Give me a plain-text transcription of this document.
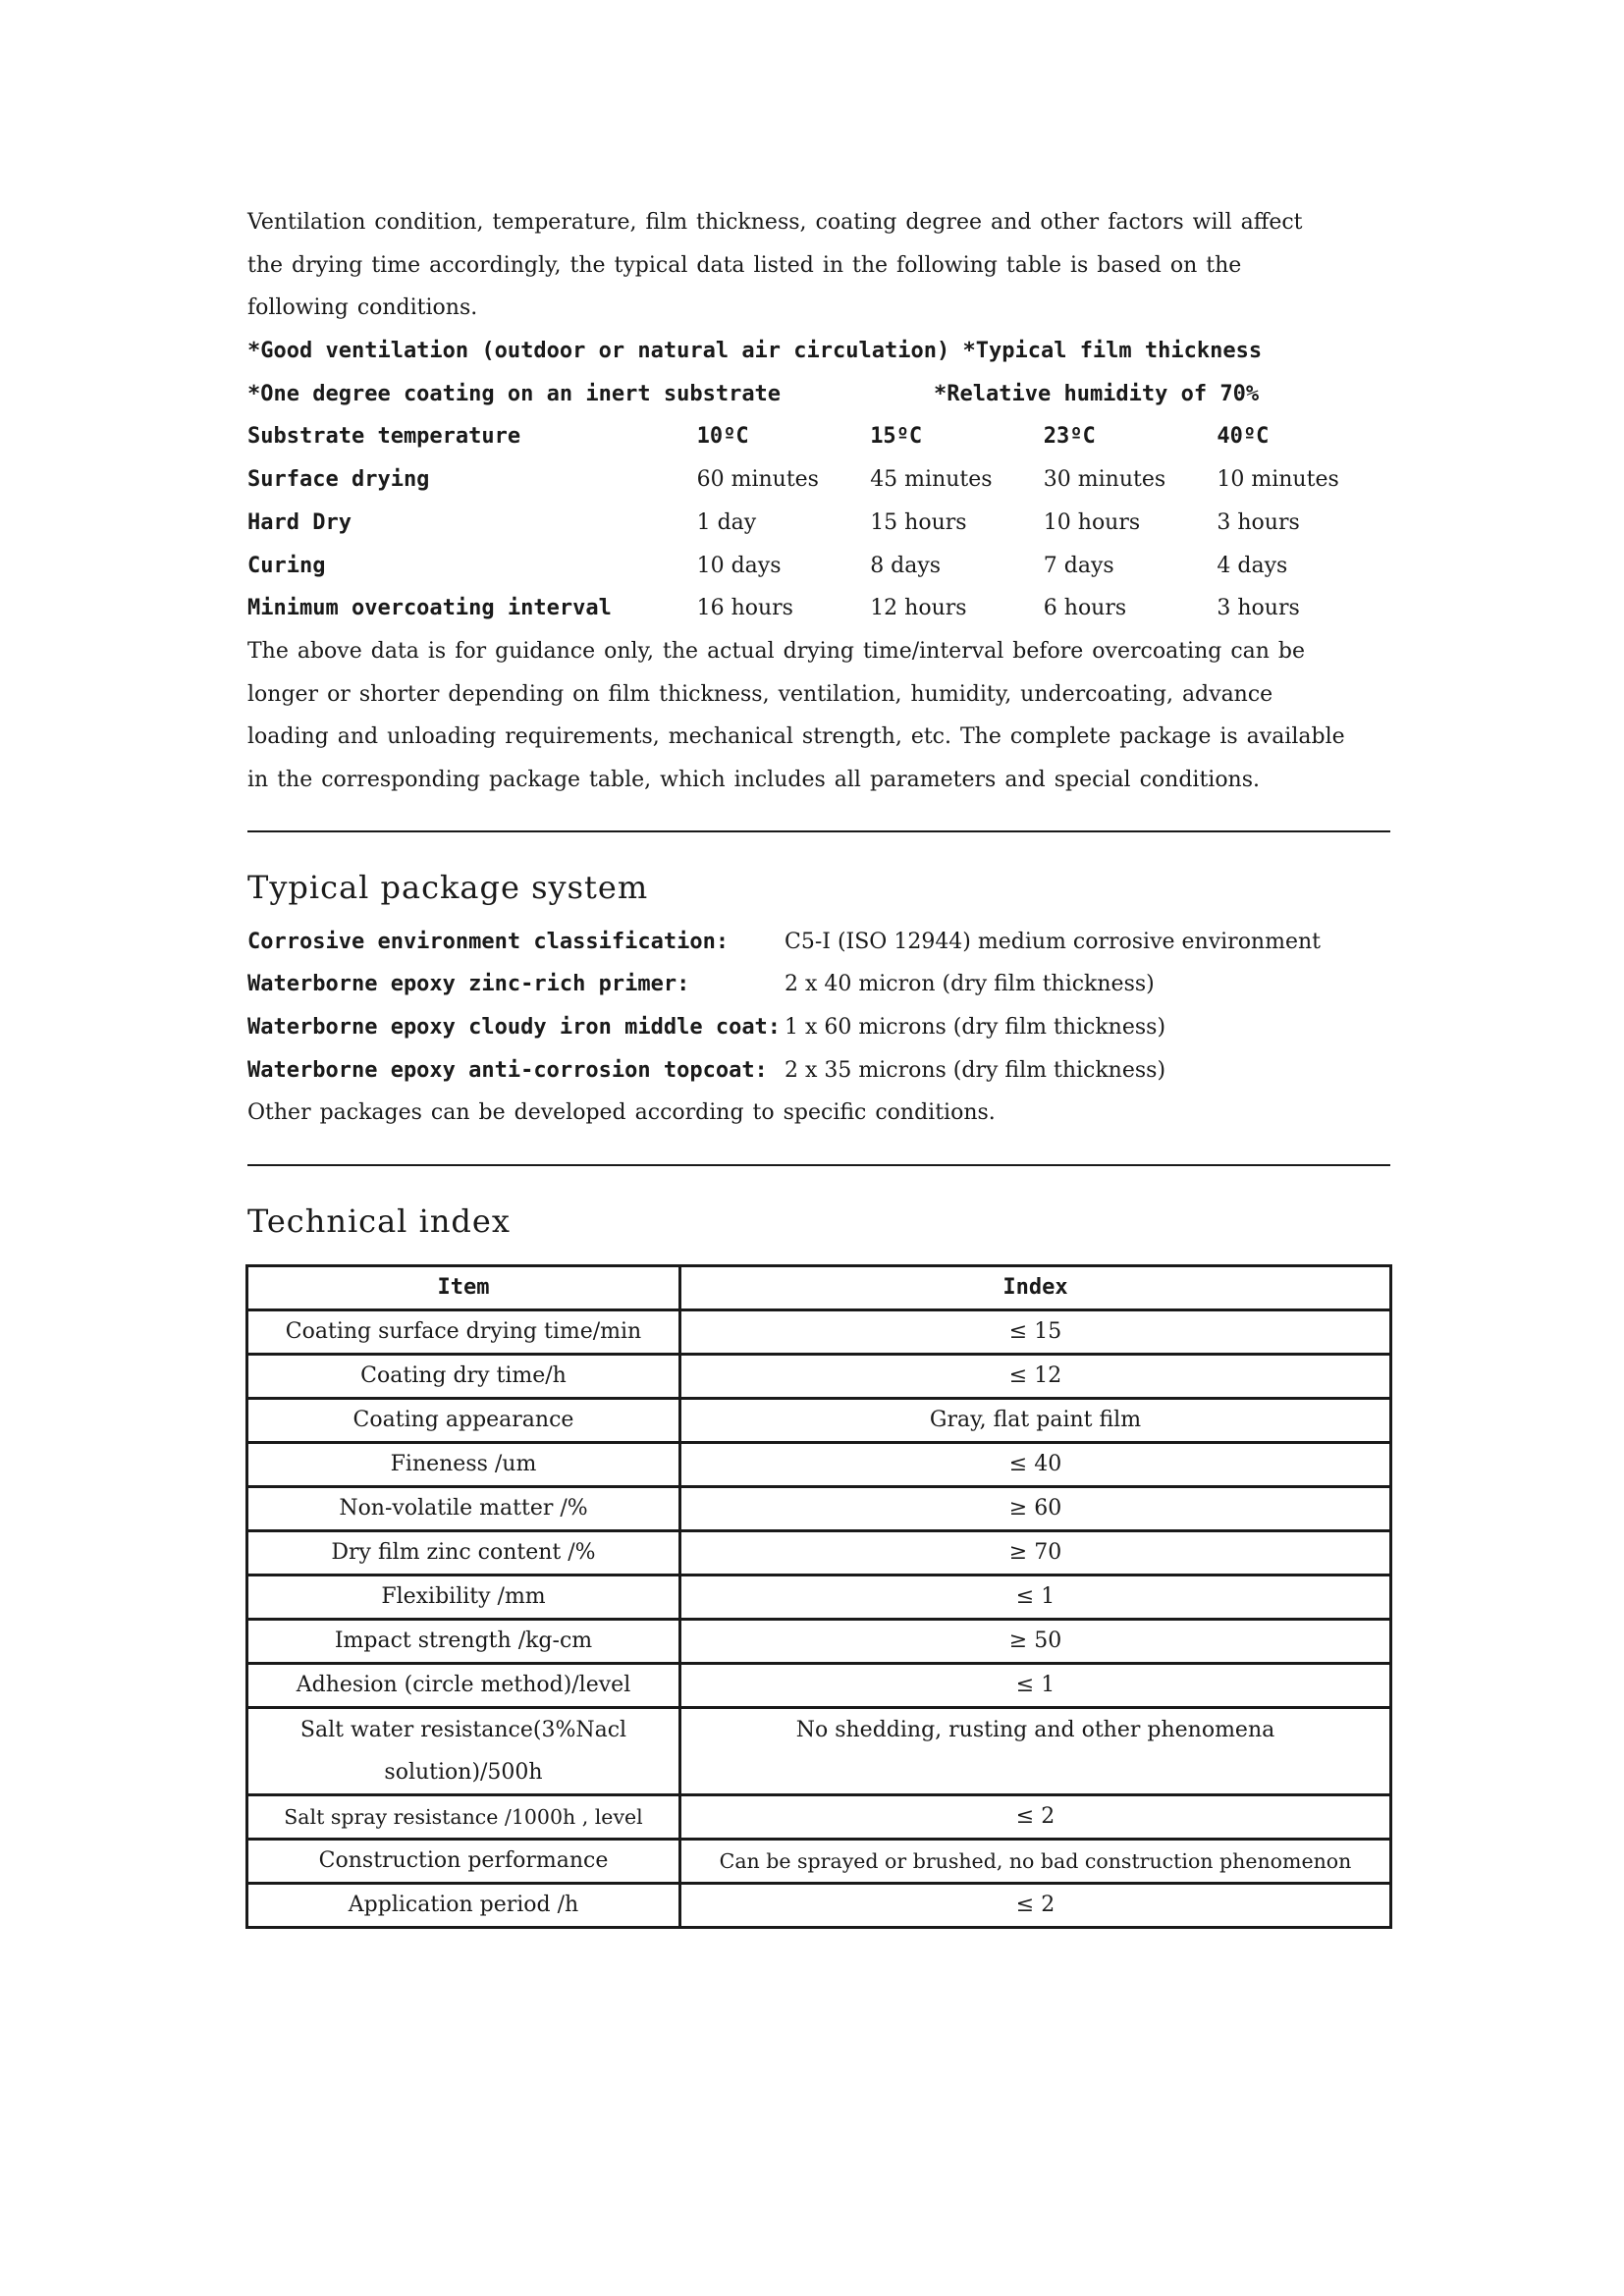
Ventilation condition, temperature, film thickness, coating degree and other factors will affect

the drying time accordingly, the typical data listed in the following table is based on the

following conditions.

*Good ventilation (outdoor or natural air circulation) *Typical film thickness
*One degree coating on an inert substrate	*Relative humidity of 70%
Substrate temperature	10ºC	15ºC	23ºC	40ºC
Surface drying	60 minutes	45 minutes	30 minutes	10 minutes
Hard Dry	1 day	15 hours	10 hours	3 hours
Curing	10 days	8 days	7 days	4 days
Minimum overcoating interval	16 hours	12 hours	6 hours	3 hours

The above data is for guidance only, the actual drying time/interval before overcoating can be

longer or shorter depending on film thickness, ventilation, humidity, undercoating, advance

loading and unloading requirements, mechanical strength, etc. The complete package is available

in the corresponding package table, which includes all parameters and special conditions.

Typical package system
Corrosive environment classification:	C5-I (ISO 12944) medium corrosive environment
Waterborne epoxy zinc-rich primer:	2 x 40 micron (dry film thickness)
Waterborne epoxy cloudy iron middle coat: 1 x 60 microns (dry film thickness)
Waterborne epoxy anti-corrosion topcoat: 2 x 35 microns (dry film thickness)

Other packages can be developed according to specific conditions.

Technical index
Item	Index
Coating surface drying time/min	≤ 15
Coating dry time/h	≤ 12
Coating appearance	Gray, flat paint film
Fineness /um	≤ 40
Non-volatile matter /%	≥ 60
Dry film zinc content /%	≥ 70
Flexibility /mm	≤ 1
Impact strength /kg-cm	≥ 50
Adhesion (circle method)/level	≤ 1
Salt water resistance(3%Nacl solution)/500h	No shedding, rusting and other phenomena
Salt spray resistance /1000h , level	≤ 2
Construction performance	Can be sprayed or brushed, no bad construction phenomenon
Application period /h	≤ 2
